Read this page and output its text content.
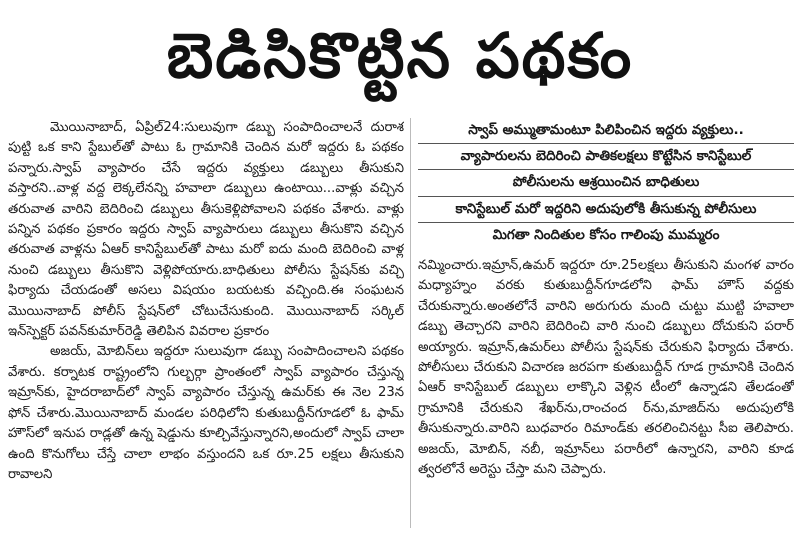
బెడిసికొట్టిన పథకం

మొయినాబాద్‌, ఏప్రిల్‌24:సులువుగా డబ్బు సంపాదించాలనే దురాశ పుట్టి ఒక కాని స్టేబుల్‌తో పాటు ఓ గ్రామానికి చెందిన మరో ఇద్దరు ఓ పథకం పన్నారు.స్వాప్‌ వ్యాపారం చేసే ఇద్దరు వ్యక్తులు డబ్బులు తీసుకుని వస్తారని..వాళ్ల వద్ద లెక్కలేనన్ని హవాలా డబ్బులు ఉంటాయి...వాళ్లు వచ్చిన తరువాత వారిని బెదిరించి డబ్బులు తీసుకెళ్లిపోవాలని పథకం వేశారు. వాళ్లు పన్నిన పథకం ప్రకారం ఇద్దరు స్వాప్‌ వ్యాపారులు డబ్బులు తీసుకొని వచ్చిన తరువాత వాళ్లను ఏఆర్‌ కానిస్టేబుల్‌తో పాటు మరో ఐదు మంది బెదిరించి వాళ్ల నుంచి డబ్బులు తీసుకొని వెళ్లిపోయారు.బాధితులు పోలీసు స్టేషన్‌కు వచ్చి ఫిర్యాదు చేయడంతో అసలు విషయం బయటకు వచ్చింది.ఈ సంఘటన మొయినాబాద్‌ పోలీస్‌ స్టేషన్‌లో చోటుచేసుకుంది. మొయినాబాద్‌ సర్కిల్‌ ఇన్‌స్పెక్టర్‌ పవన్‌కుమార్‌రెడ్డి తెలిపిన వివరాల ప్రకారం

అజయ్‌, మోబిన్‌లు ఇద్దరూ సులువుగా డబ్బు సంపాదించాలని పథకం వేశారు. కర్నాటక రాష్ట్రంలోని గుల్బర్గా ప్రాంతంలో స్వాప్‌ వ్యాపారం చేస్తున్న ఇమ్రాన్‌కు, హైదరాబాద్‌లో స్వాప్‌ వ్యాపారం చేస్తున్న ఉమర్‌కు ఈ నెల 23న ఫోన్‌ చేశారు.మొయినాబాద్‌ మండల పరిధిలోని కుతుబుద్దీన్‌గూడలో ఓ ఫామ్‌ హౌస్‌లో ఇనుప రాడ్లతో ఉన్న షెడ్డును కూల్చివేస్తున్నారని,అందులో స్వాప్‌ చాలా ఉంది కొనుగోలు చేస్తే చాలా లాభం వస్తుందని ఒక రూ.25 లక్షలు తీసుకుని రావాలని

స్వాప్‌ అమ్ముతామంటూ పిలిపించిన ఇద్దరు వ్యక్తులు..
వ్యాపారులను బెదిరించి పాతికలక్షలు కొట్టేసిన కానిస్టేబుల్‌
పోలీసులను ఆశ్రయించిన బాధితులు
కానిస్టేబుల్‌ మరో ఇద్దరిని అదుపులోకి తీసుకున్న పోలీసులు
మిగతా నిందితుల కోసం గాలింపు ముమ్మరం
నమ్మించారు.ఇమ్రాన్‌,ఉమర్‌ ఇద్దరూ రూ.25లక్షలు తీసుకుని మంగళ వారం మధ్యాహ్నం వరకు కుతుబుద్దీన్‌గూడలోని ఫామ్‌ హౌస్‌ వద్దకు చేరుకున్నారు.అంతలోనే వారిని అరుగురు మంది చుట్టు ముట్టి హవాలా డబ్బు తెచ్చారని వారిని బెదిరించి వారి నుంచి డబ్బులు దోచుకుని పరార్‌ అయ్యారు. ఇమ్రాన్‌,ఉమర్‌లు పోలీసు స్టేషన్‌కు చేరుకుని ఫిర్యాదు చేశారు. పోలీసులు చేరుకుని విచారణ జరపగా కుతుబుద్దీన్‌ గూడ గ్రామానికి చెందిన ఏఆర్‌ కానిస్టేబుల్‌ డబ్బులు లాక్కొని వెళ్లిన టీంలో ఉన్నాడని తేలడంతో గ్రామానికి చేరుకుని శేఖర్‌ను,రాంచంద ర్‌ను,మాజిద్‌ను అదుపులోకి తీసుకున్నారు.వారిని బుధవారం రిమాండ్‌కు తరలించినట్టు సీఐ తెలిపారు. అజయ్‌, మోబిన్‌, నబీ, ఇమ్రాన్‌లు పరారీలో ఉన్నారని, వారిని కూడ త్వరలోనే అరెస్టు చేస్తా మని చెప్పారు.
